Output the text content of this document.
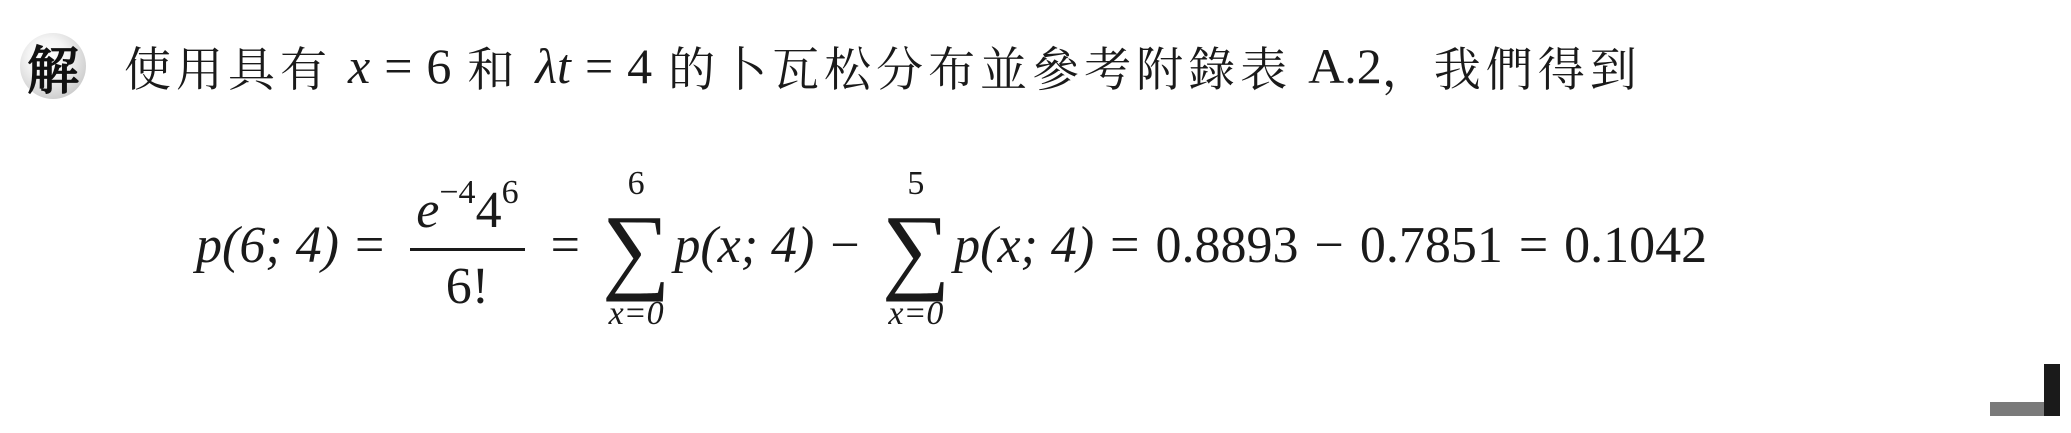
解 使用具有 x = 6 和 λt = 4 的卜瓦松分布並參考附錄表 A.2 ，我們得到
p(6; $4) = \frac{e^{-4}4^6}{6!}$ =
6
∑
x=0
p(x; 4) −
5
∑
x=0
p(x; 4) = 0.8893 − 0.7851 = 0.1042
